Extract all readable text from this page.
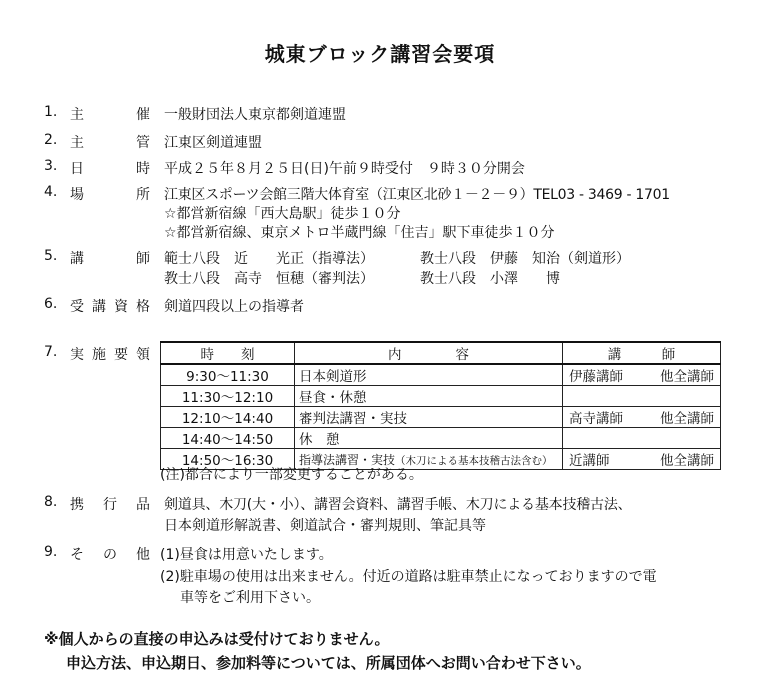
城東ブロック講習会要項
1. 主	催 一般財団法人東京都剣道連盟
2. 主	管 江東区剣道連盟
3. 日	時 平成２５年８月２５日(日)午前９時受付　９時３０分開会
4. 場	所 江東区スポーツ会館三階大体育室（江東区北砂１－２－９）TEL03 - 3469 - 1701
☆都営新宿線「西大島駅」徒歩１０分
☆都営新宿線、東京メトロ半蔵門線「住吉」駅下車徒歩１０分
5. 講	師 範士八段　近　　光正（指導法）	教士八段　伊藤　知治（剣道形）
教士八段　高寺　恒穂（審判法）	教士八段　小澤　　博
6. 受 講 資 格 剣道四段以上の指導者
7. 実 施 要 領	時　　刻	内　　　　容	講　　　師
9:30～11:30	日本剣道形	伊藤講師 他全講師

11:30～12:10	昼食・休憩	

12:10～14:40	審判法講習・実技	高寺講師 他全講師

14:40～14:50	休　憩	

14:50～16:30	指導法講習・実技（木刀による基本技稽古法含む）	近講師 他全講師
(注)都合により一部変更することがある。
8. 携 行 品 剣道具、木刀(大・小）、講習会資料、講習手帳、木刀による基本技稽古法、
日本剣道形解説書、剣道試合・審判規則、筆記具等
9. そ の 他 (1)昼食は用意いたします。
(2)駐車場の使用は出来ません。付近の道路は駐車禁止になっておりますので電
車等をご利用下さい。
※個人からの直接の申込みは受付けておりません。
申込方法、申込期日、参加料等については、所属団体へお問い合わせ下さい。
